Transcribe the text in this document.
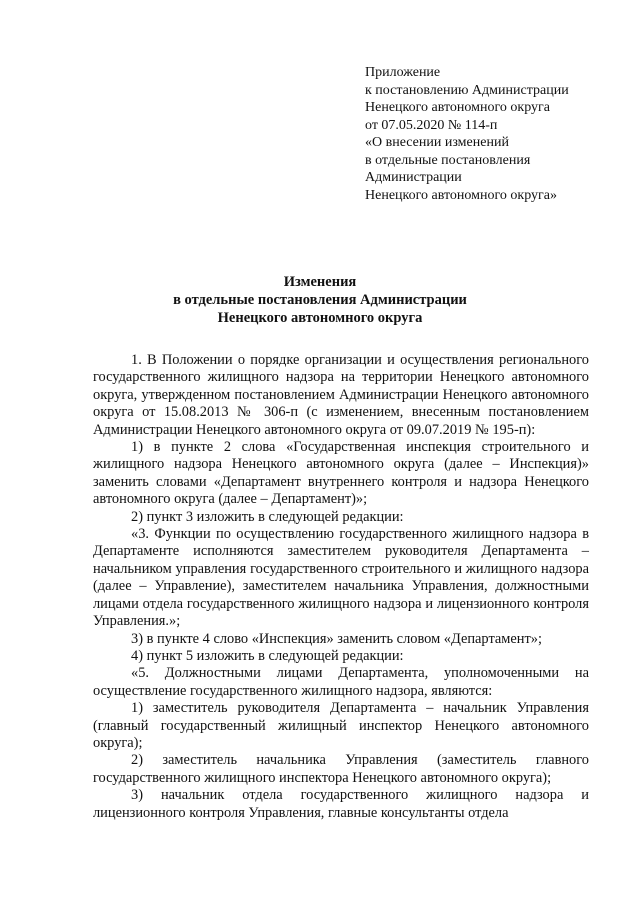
Приложение
к постановлению Администрации
Ненецкого автономного округа
от 07.05.2020 № 114-п
«О внесении изменений
в отдельные постановления
Администрации
Ненецкого автономного округа»
Изменения
в отдельные постановления Администрации
Ненецкого автономного округа

1. В Положении о порядке организации и осуществления регионального государственного жилищного надзора на территории Ненецкого автономного округа, утвержденном постановлением Администрации Ненецкого автономного округа от 15.08.2013 № 306-п (с изменением, внесенным постановлением Администрации Ненецкого автономного округа от 09.07.2019 № 195-п):

1) в пункте 2 слова «Государственная инспекция строительного и жилищного надзора Ненецкого автономного округа (далее – Инспекция)» заменить словами «Департамент внутреннего контроля и надзора Ненецкого автономного округа (далее – Департамент)»;

2) пункт 3 изложить в следующей редакции:

«3. Функции по осуществлению государственного жилищного надзора в Департаменте исполняются заместителем руководителя Департамента – начальником управления государственного строительного и жилищного надзора (далее – Управление), заместителем начальника Управления, должностными лицами отдела государственного жилищного надзора и лицензионного контроля Управления.»;

3) в пункте 4 слово «Инспекция» заменить словом «Департамент»;

4) пункт 5 изложить в следующей редакции:

«5. Должностными лицами Департамента, уполномоченными на осуществление государственного жилищного надзора, являются:

1) заместитель руководителя Департамента – начальник Управления (главный государственный жилищный инспектор Ненецкого автономного округа);

2) заместитель начальника Управления (заместитель главного государственного жилищного инспектора Ненецкого автономного округа);

3) начальник отдела государственного жилищного надзора и лицензионного контроля Управления, главные консультанты отдела
